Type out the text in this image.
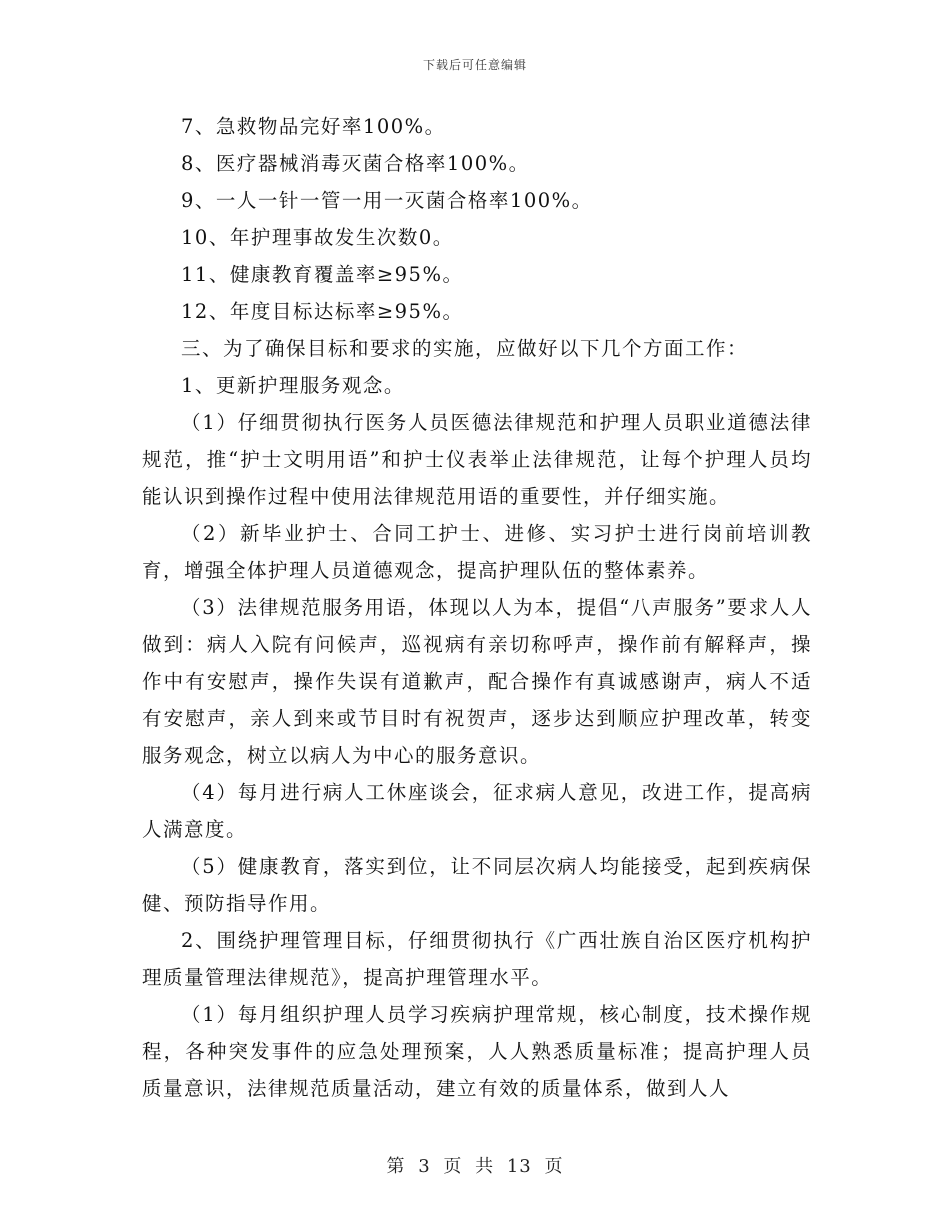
下载后可任意编辑

7、急救物品完好率100%。

8、医疗器械消毒灭菌合格率100%。

9、一人一针一管一用一灭菌合格率100%。

10、年护理事故发生次数0。

11、健康教育覆盖率≥95%。

12、年度目标达标率≥95%。

三、为了确保目标和要求的实施，应做好以下几个方面工作：

1、更新护理服务观念。

（1）仔细贯彻执行医务人员医德法律规范和护理人员职业道德法律规范，推“护士文明用语”和护士仪表举止法律规范，让每个护理人员均能认识到操作过程中使用法律规范用语的重要性，并仔细实施。

（2）新毕业护士、合同工护士、进修、实习护士进行岗前培训教育，增强全体护理人员道德观念，提高护理队伍的整体素养。

（3）法律规范服务用语，体现以人为本，提倡“八声服务”要求人人做到：病人入院有问候声，巡视病有亲切称呼声，操作前有解释声，操作中有安慰声，操作失误有道歉声，配合操作有真诚感谢声，病人不适有安慰声，亲人到来或节目时有祝贺声，逐步达到顺应护理改革，转变服务观念，树立以病人为中心的服务意识。

（4）每月进行病人工休座谈会，征求病人意见，改进工作，提高病人满意度。

（5）健康教育，落实到位，让不同层次病人均能接受，起到疾病保健、预防指导作用。

2、围绕护理管理目标，仔细贯彻执行《广西壮族自治区医疗机构护理质量管理法律规范》，提高护理管理水平。

（1）每月组织护理人员学习疾病护理常规，核心制度，技术操作规程，各种突发事件的应急处理预案，人人熟悉质量标准；提高护理人员质量意识，法律规范质量活动，建立有效的质量体系，做到人人

第 3 页 共 13 页
